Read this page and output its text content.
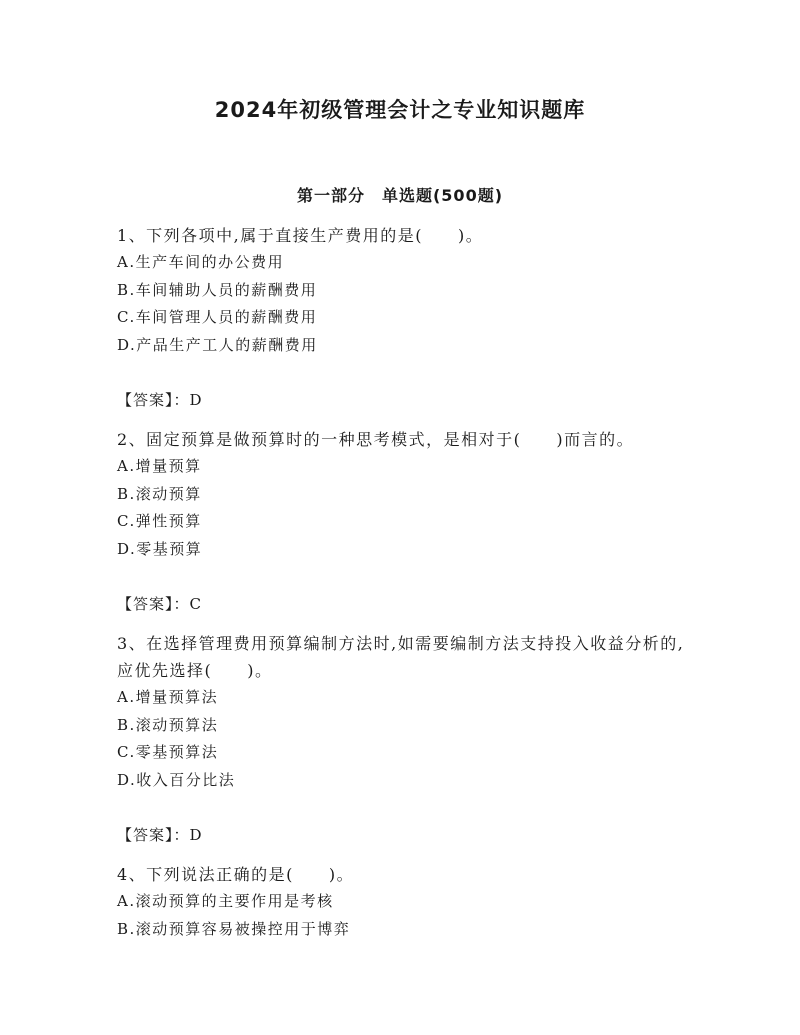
2024年初级管理会计之专业知识题库
第一部分　单选题(500题)
1、下列各项中,属于直接生产费用的是(　　)。
A.生产车间的办公费用
B.车间辅助人员的薪酬费用
C.车间管理人员的薪酬费用
D.产品生产工人的薪酬费用
【答案】：D
2、固定预算是做预算时的一种思考模式，是相对于(　　)而言的。
A.增量预算
B.滚动预算
C.弹性预算
D.零基预算
【答案】：C
3、在选择管理费用预算编制方法时,如需要编制方法支持投入收益分析的,应优先选择(　　)。
A.增量预算法
B.滚动预算法
C.零基预算法
D.收入百分比法
【答案】：D
4、下列说法正确的是(　　)。
A.滚动预算的主要作用是考核
B.滚动预算容易被操控用于博弈
